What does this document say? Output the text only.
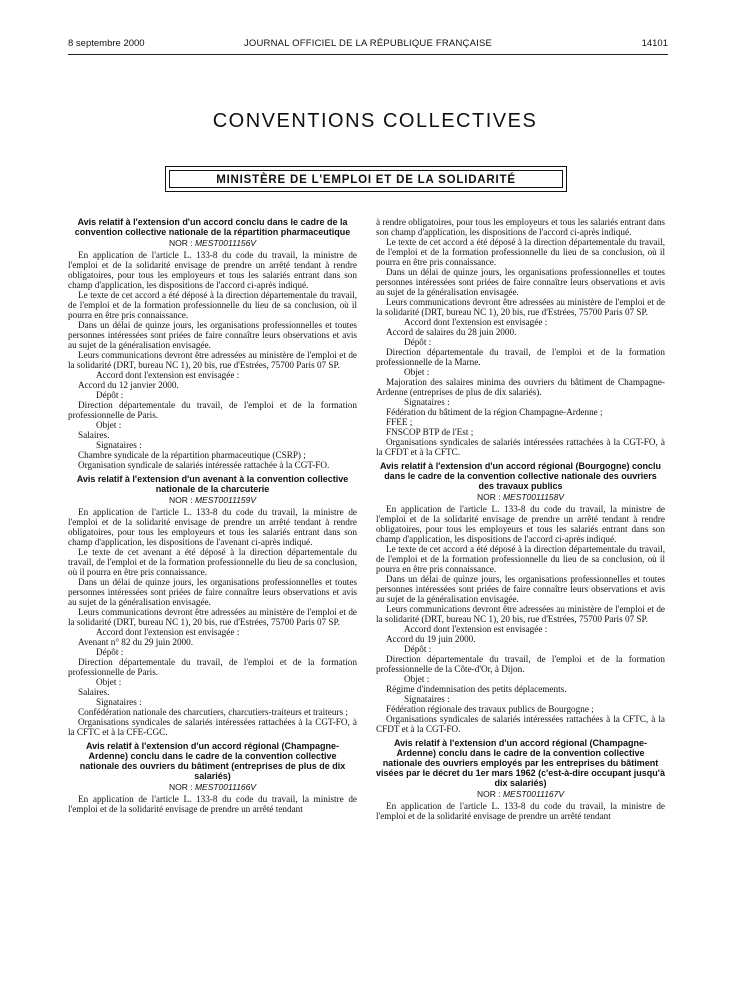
8 septembre 2000	JOURNAL OFFICIEL DE LA RÉPUBLIQUE FRANÇAISE	14101
CONVENTIONS COLLECTIVES
MINISTÈRE DE L'EMPLOI ET DE LA SOLIDARITÉ
Avis relatif à l'extension d'un accord conclu dans le cadre de la convention collective nationale de la répartition pharmaceutique
NOR : MEST0011156V

En application de l'article L. 133-8 du code du travail, la ministre de l'emploi et de la solidarité envisage de prendre un arrêté tendant à rendre obligatoires, pour tous les employeurs et tous les salariés entrant dans son champ d'application, les dispositions de l'accord ci-après indiqué.

Le texte de cet accord a été déposé à la direction départementale du travail, de l'emploi et de la formation professionnelle du lieu de sa conclusion, où il pourra en être pris connaissance.

Dans un délai de quinze jours, les organisations professionnelles et toutes personnes intéressées sont priées de faire connaître leurs observations et avis au sujet de la généralisation envisagée.

Leurs communications devront être adressées au ministère de l'emploi et de la solidarité (DRT, bureau NC 1), 20 bis, rue d'Estrées, 75700 Paris 07 SP.

Accord dont l'extension est envisagée :

Accord du 12 janvier 2000.

Dépôt :

Direction départementale du travail, de l'emploi et de la formation professionnelle de Paris.

Objet :

Salaires.

Signataires :

Chambre syndicale de la répartition pharmaceutique (CSRP) ;

Organisation syndicale de salariés intéressée rattachée à la CGT-FO.

Avis relatif à l'extension d'un avenant à la convention collective nationale de la charcuterie
NOR : MEST0011159V

En application de l'article L. 133-8 du code du travail, la ministre de l'emploi et de la solidarité envisage de prendre un arrêté tendant à rendre obligatoires, pour tous les employeurs et tous les salariés entrant dans son champ d'application, les dispositions de l'avenant ci-après indiqué.

Le texte de cet avenant a été déposé à la direction départementale du travail, de l'emploi et de la formation professionnelle du lieu de sa conclusion, où il pourra en être pris connaissance.

Dans un délai de quinze jours, les organisations professionnelles et toutes personnes intéressées sont priées de faire connaître leurs observations et avis au sujet de la généralisation envisagée.

Leurs communications devront être adressées au ministère de l'emploi et de la solidarité (DRT, bureau NC 1), 20 bis, rue d'Estrées, 75700 Paris 07 SP.

Accord dont l'extension est envisagée :

Avenant n° 82 du 29 juin 2000.

Dépôt :

Direction départementale du travail, de l'emploi et de la formation professionnelle de Paris.

Objet :

Salaires.

Signataires :

Confédération nationale des charcutiers, charcutiers-traiteurs et traiteurs ;

Organisations syndicales de salariés intéressées rattachées à la CGT-FO, à la CFTC et à la CFE-CGC.

Avis relatif à l'extension d'un accord régional (Champagne-Ardenne) conclu dans le cadre de la convention collective nationale des ouvriers du bâtiment (entreprises de plus de dix salariés)
NOR : MEST0011166V

En application de l'article L. 133-8 du code du travail, la ministre de l'emploi et de la solidarité envisage de prendre un arrêté tendant

à rendre obligatoires, pour tous les employeurs et tous les salariés entrant dans son champ d'application, les dispositions de l'accord ci-après indiqué.

Le texte de cet accord a été déposé à la direction départementale du travail, de l'emploi et de la formation professionnelle du lieu de sa conclusion, où il pourra en être pris connaissance.

Dans un délai de quinze jours, les organisations professionnelles et toutes personnes intéressées sont priées de faire connaître leurs observations et avis au sujet de la généralisation envisagée.

Leurs communications devront être adressées au ministère de l'emploi et de la solidarité (DRT, bureau NC 1), 20 bis, rue d'Estrées, 75700 Paris 07 SP.

Accord dont l'extension est envisagée :

Accord de salaires du 28 juin 2000.

Dépôt :

Direction départementale du travail, de l'emploi et de la formation professionnelle de la Marne.

Objet :

Majoration des salaires minima des ouvriers du bâtiment de Champagne-Ardenne (entreprises de plus de dix salariés).

Signataires :

Fédération du bâtiment de la région Champagne-Ardenne ;

FFEE ;

FNSCOP BTP de l'Est ;

Organisations syndicales de salariés intéressées rattachées à la CGT-FO, à la CFDT et à la CFTC.

Avis relatif à l'extension d'un accord régional (Bourgogne) conclu dans le cadre de la convention collective nationale des ouvriers des travaux publics
NOR : MEST0011158V

En application de l'article L. 133-8 du code du travail, la ministre de l'emploi et de la solidarité envisage de prendre un arrêté tendant à rendre obligatoires, pour tous les employeurs et tous les salariés entrant dans son champ d'application, les dispositions de l'accord ci-après indiqué.

Le texte de cet accord a été déposé à la direction départementale du travail, de l'emploi et de la formation professionnelle du lieu de sa conclusion, où il pourra en être pris connaissance.

Dans un délai de quinze jours, les organisations professionnelles et toutes personnes intéressées sont priées de faire connaître leurs observations et avis au sujet de la généralisation envisagée.

Leurs communications devront être adressées au ministère de l'emploi et de la solidarité (DRT, bureau NC 1), 20 bis, rue d'Estrées, 75700 Paris 07 SP.

Accord dont l'extension est envisagée :

Accord du 19 juin 2000.

Dépôt :

Direction départementale du travail, de l'emploi et de la formation professionnelle de la Côte-d'Or, à Dijon.

Objet :

Régime d'indemnisation des petits déplacements.

Signataires :

Fédération régionale des travaux publics de Bourgogne ;

Organisations syndicales de salariés intéressées rattachées à la CFTC, à la CFDT et à la CGT-FO.

Avis relatif à l'extension d'un accord régional (Champagne-Ardenne) conclu dans le cadre de la convention collective nationale des ouvriers employés par les entreprises du bâtiment visées par le décret du 1er mars 1962 (c'est-à-dire occupant jusqu'à dix salariés)
NOR : MEST0011167V

En application de l'article L. 133-8 du code du travail, la ministre de l'emploi et de la solidarité envisage de prendre un arrêté tendant
